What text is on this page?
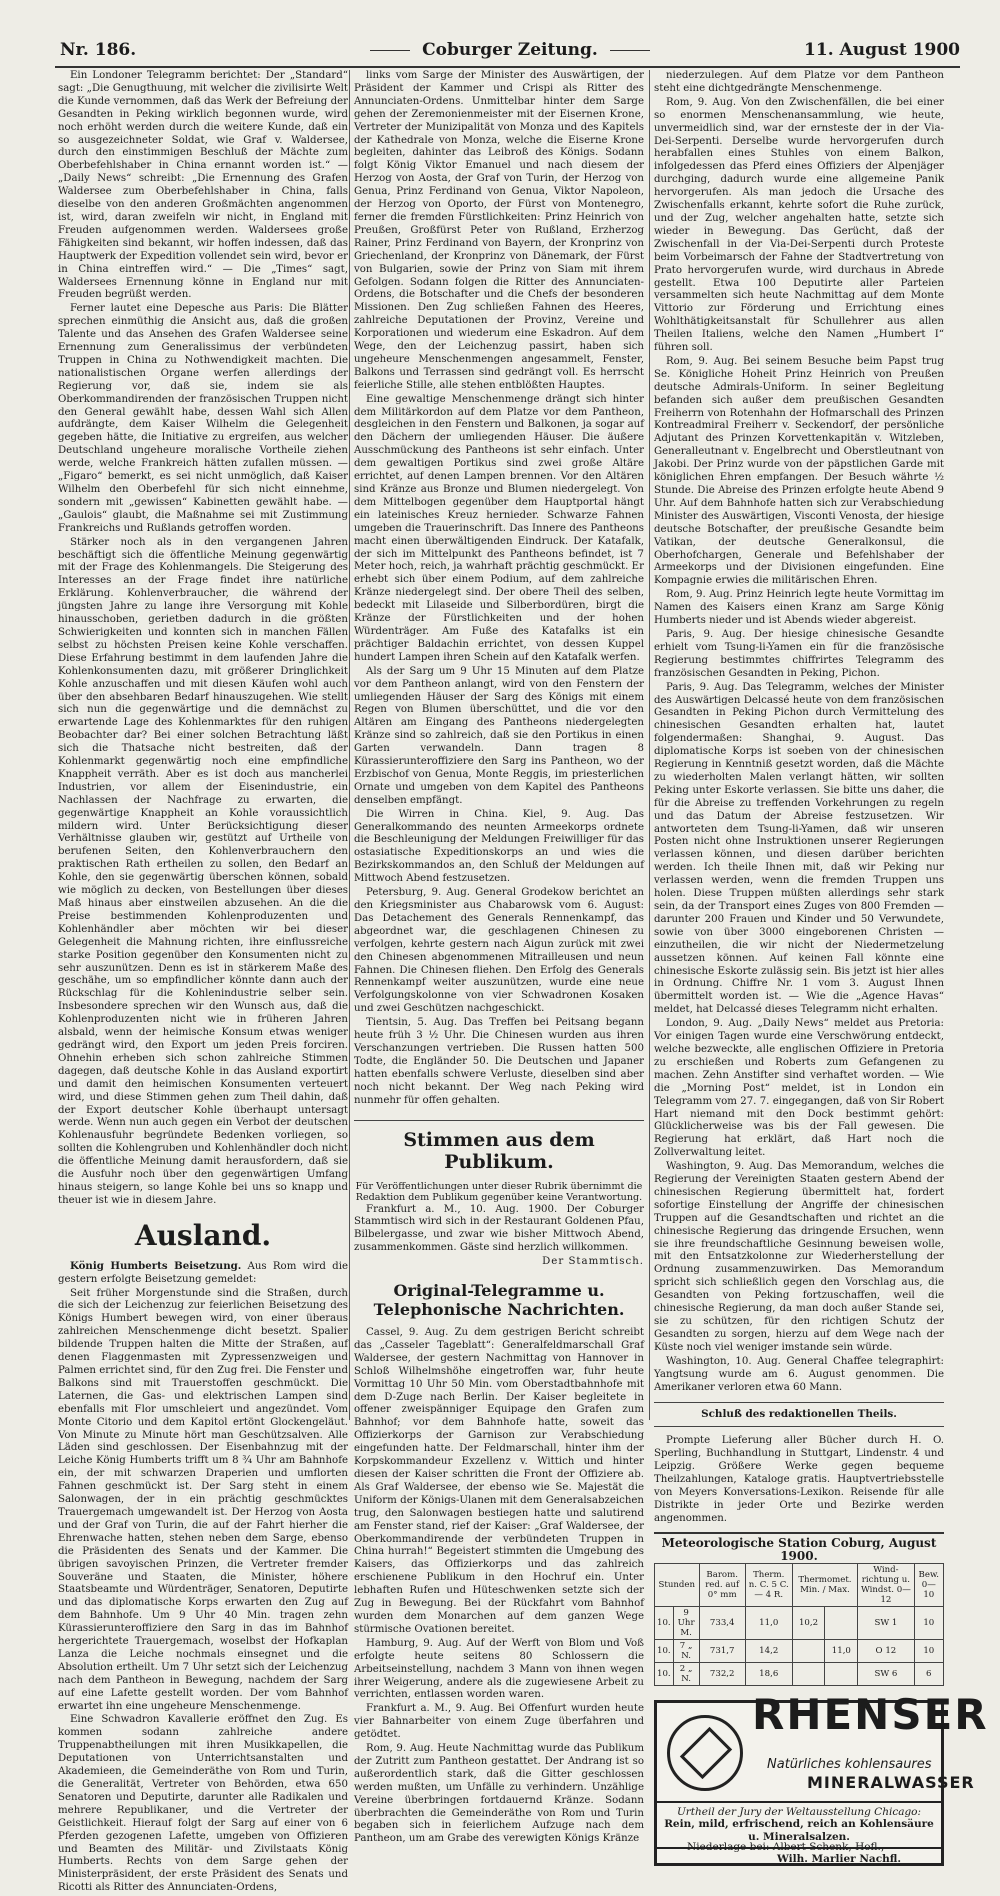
Nr. 186.	Coburger Zeitung.	11. August 1900

Ein Londoner Telegramm berichtet: Der „Standard“ sagt: „Die Genugthuung, mit welcher die zivilisirte Welt die Kunde vernommen, daß das Werk der Befreiung der Gesandten in Peking wirklich begonnen wurde, wird noch erhöht werden durch die weitere Kunde, daß ein so ausgezeichneter Soldat, wie Graf v. Waldersee, durch den einstimmigen Beschluß der Mächte zum Oberbefehlshaber in China ernannt worden ist.“ — „Daily News“ schreibt: „Die Ernennung des Grafen Waldersee zum Oberbefehlshaber in China, falls dieselbe von den anderen Großmächten angenommen ist, wird, daran zweifeln wir nicht, in England mit Freuden aufgenommen werden. Waldersees große Fähigkeiten sind bekannt, wir hoffen indessen, daß das Hauptwerk der Expedition vollendet sein wird, bevor er in China eintreffen wird.“ — Die „Times“ sagt, Waldersees Ernennung könne in England nur mit Freuden begrüßt werden.

Ferner lautet eine Depesche aus Paris: Die Blätter sprechen einmüthig die Ansicht aus, daß die großen Talente und das Ansehen des Grafen Waldersee seine Ernennung zum Generalissimus der verbündeten Truppen in China zu Nothwendigkeit machten. Die nationalistischen Organe werfen allerdings der Regierung vor, daß sie, indem sie als Oberkommandirenden der französischen Truppen nicht den General gewählt habe, dessen Wahl sich Allen aufdrängte, dem Kaiser Wilhelm die Gelegenheit gegeben hätte, die Initiative zu ergreifen, aus welcher Deutschland ungeheure moralische Vortheile ziehen werde, welche Frankreich hätten zufallen müssen. — „Figaro“ bemerkt, es sei nicht unmöglich, daß Kaiser Wilhelm den Oberbefehl für sich nicht einnehme, sondern mit „gewissen“ Kabinetten gewählt habe. — „Gaulois“ glaubt, die Maßnahme sei mit Zustimmung Frankreichs und Rußlands getroffen worden.

Stärker noch als in den vergangenen Jahren beschäftigt sich die öffentliche Meinung gegenwärtig mit der Frage des Kohlenmangels. Die Steigerung des Interesses an der Frage findet ihre natürliche Erklärung. Kohlenverbraucher, die während der jüngsten Jahre zu lange ihre Versorgung mit Kohle hinausschoben, gerietben dadurch in die größten Schwierigkeiten und konnten sich in manchen Fällen selbst zu höchsten Preisen keine Kohle verschaffen. Diese Erfahrung bestimmt in dem laufenden Jahre die Kohlenkonsumenten dazu, mit größerer Dringlichkeit Kohle anzuschaffen und mit diesen Käufen wohl auch über den absehbaren Bedarf hinauszugehen. Wie stellt sich nun die gegenwärtige und die demnächst zu erwartende Lage des Kohlenmarktes für den ruhigen Beobachter dar? Bei einer solchen Betrachtung läßt sich die Thatsache nicht bestreiten, daß der Kohlenmarkt gegenwärtig noch eine empfindliche Knappheit verräth. Aber es ist doch aus mancherlei Industrien, vor allem der Eisenindustrie, ein Nachlassen der Nachfrage zu erwarten, die gegenwärtige Knappheit an Kohle voraussichtlich mildern wird. Unter Berücksichtigung dieser Verhältnisse glauben wir, gestützt auf Urtheile von berufenen Seiten, den Kohlenverbrauchern den praktischen Rath ertheilen zu sollen, den Bedarf an Kohle, den sie gegenwärtig überschen können, sobald wie möglich zu decken, von Bestellungen über dieses Maß hinaus aber einstweilen abzusehen. An die die Preise bestimmenden Kohlenproduzenten und Kohlenhändler aber möchten wir bei dieser Gelegenheit die Mahnung richten, ihre einflussreiche starke Position gegenüber den Konsumenten nicht zu sehr auszunützen. Denn es ist in stärkerem Maße des geschähe, um so empfindlicher könnte dann auch der Rückschlag für die Kohlenindustrie selber sein. Insbesondere sprechen wir den Wunsch aus, daß die Kohlenproduzenten nicht wie in früheren Jahren alsbald, wenn der heimische Konsum etwas weniger gedrängt wird, den Export um jeden Preis forciren. Ohnehin erheben sich schon zahlreiche Stimmen dagegen, daß deutsche Kohle in das Ausland exportirt und damit den heimischen Konsumenten verteuert wird, und diese Stimmen gehen zum Theil dahin, daß der Export deutscher Kohle überhaupt untersagt werde. Wenn nun auch gegen ein Verbot der deutschen Kohlenausfuhr begründete Bedenken vorliegen, so sollten die Kohlengruben und Kohlenhändler doch nicht die öffentliche Meinung damit herausfordern, daß sie die Ausfuhr noch über den gegenwärtigen Umfang hinaus steigern, so lange Kohle bei uns so knapp und theuer ist wie in diesem Jahre.

Ausland.

König Humberts Beisetzung. Aus Rom wird die gestern erfolgte Beisetzung gemeldet:

Seit früher Morgenstunde sind die Straßen, durch die sich der Leichenzug zur feierlichen Beisetzung des Königs Humbert bewegen wird, von einer überaus zahlreichen Menschenmenge dicht besetzt. Spalier bildende Truppen halten die Mitte der Straßen, auf denen Flaggenmasten mit Zypressenzweigen und Palmen errichtet sind, für den Zug frei. Die Fenster und Balkons sind mit Trauerstoffen geschmückt. Die Laternen, die Gas- und elektrischen Lampen sind ebenfalls mit Flor umschleiert und angezündet. Vom Monte Citorio und dem Kapitol ertönt Glockengeläut. Von Minute zu Minute hört man Geschützsalven. Alle Läden sind geschlossen. Der Eisenbahnzug mit der Leiche König Humberts trifft um 8 ¾ Uhr am Bahnhofe ein, der mit schwarzen Draperien und umflorten Fahnen geschmückt ist. Der Sarg steht in einem Salonwagen, der in ein prächtig geschmücktes Trauergemach umgewandelt ist. Der Herzog von Aosta und der Graf von Turin, die auf der Fahrt hierher die Ehrenwache hatten, stehen neben dem Sarge, ebenso die Präsidenten des Senats und der Kammer. Die übrigen savoyischen Prinzen, die Vertreter fremder Souveräne und Staaten, die Minister, höhere Staatsbeamte und Würdenträger, Senatoren, Deputirte und das diplomatische Korps erwarten den Zug auf dem Bahnhofe. Um 9 Uhr 40 Min. tragen zehn Kürassierunteroffiziere den Sarg in das im Bahnhof hergerichtete Trauergemach, woselbst der Hofkaplan Lanza die Leiche nochmals einsegnet und die Absolution ertheilt. Um 7 Uhr setzt sich der Leichenzug nach dem Pantheon in Bewegung, nachdem der Sarg auf eine Lafette gestellt worden. Der vom Bahnhof erwartet ihn eine ungeheure Menschenmenge.

Eine Schwadron Kavallerie eröffnet den Zug. Es kommen sodann zahlreiche andere Truppenabtheilungen mit ihren Musikkapellen, die Deputationen von Unterrichtsanstalten und Akademieen, die Gemeinderäthe von Rom und Turin, die Generalität, Vertreter von Behörden, etwa 650 Senatoren und Deputirte, darunter alle Radikalen und mehrere Republikaner, und die Vertreter der Geistlichkeit. Hierauf folgt der Sarg auf einer von 6 Pferden gezogenen Lafette, umgeben von Offizieren und Beamten des Militär- und Zivilstaats König Humberts. Rechts von dem Sarge gehen der Ministerpräsident, der erste Präsident des Senats und Ricotti als Ritter des Annunciaten-Ordens,

links vom Sarge der Minister des Auswärtigen, der Präsident der Kammer und Crispi als Ritter des Annunciaten-Ordens. Unmittelbar hinter dem Sarge gehen der Zeremonienmeister mit der Eisernen Krone, Vertreter der Munizipalität von Monza und des Kapitels der Kathedrale von Monza, welche die Eiserne Krone begleiten, dahinter das Leibroß des Königs. Sodann folgt König Viktor Emanuel und nach diesem der Herzog von Aosta, der Graf von Turin, der Herzog von Genua, Prinz Ferdinand von Genua, Viktor Napoleon, der Herzog von Oporto, der Fürst von Montenegro, ferner die fremden Fürstlichkeiten: Prinz Heinrich von Preußen, Großfürst Peter von Rußland, Erzherzog Rainer, Prinz Ferdinand von Bayern, der Kronprinz von Griechenland, der Kronprinz von Dänemark, der Fürst von Bulgarien, sowie der Prinz von Siam mit ihrem Gefolgen. Sodann folgen die Ritter des Annunciaten-Ordens, die Botschafter und die Chefs der besonderen Missionen. Den Zug schließen Fahnen des Heeres, zahlreiche Deputationen der Provinz, Vereine und Korporationen und wiederum eine Eskadron. Auf dem Wege, den der Leichenzug passirt, haben sich ungeheure Menschenmengen angesammelt, Fenster, Balkons und Terrassen sind gedrängt voll. Es herrscht feierliche Stille, alle stehen entblößten Hauptes.

Eine gewaltige Menschenmenge drängt sich hinter dem Militärkordon auf dem Platze vor dem Pantheon, desgleichen in den Fenstern und Balkonen, ja sogar auf den Dächern der umliegenden Häuser. Die äußere Ausschmückung des Pantheons ist sehr einfach. Unter dem gewaltigen Portikus sind zwei große Altäre errichtet, auf denen Lampen brennen. Vor den Altären sind Kränze aus Bronze und Blumen niedergelegt. Von dem Mittelbogen gegenüber dem Hauptportal hängt ein lateinisches Kreuz hernieder. Schwarze Fahnen umgeben die Trauerinschrift. Das Innere des Pantheons macht einen überwältigenden Eindruck. Der Katafalk, der sich im Mittelpunkt des Pantheons befindet, ist 7 Meter hoch, reich, ja wahrhaft prächtig geschmückt. Er erhebt sich über einem Podium, auf dem zahlreiche Kränze niedergelegt sind. Der obere Theil des selben, bedeckt mit Lilaseide und Silberbordüren, birgt die Kränze der Fürstlichkeiten und der hohen Würdenträger. Am Fuße des Katafalks ist ein prächtiger Baldachin errichtet, von dessen Kuppel hundert Lampen ihren Schein auf den Katafalk werfen.

Als der Sarg um 9 Uhr 15 Minuten auf dem Platze vor dem Pantheon anlangt, wird von den Fenstern der umliegenden Häuser der Sarg des Königs mit einem Regen von Blumen überschüttet, und die vor den Altären am Eingang des Pantheons niedergelegten Kränze sind so zahlreich, daß sie den Portikus in einen Garten verwandeln. Dann tragen 8 Kürassierunteroffiziere den Sarg ins Pantheon, wo der Erzbischof von Genua, Monte Reggis, im priesterlichen Ornate und umgeben von dem Kapitel des Pantheons denselben empfängt.

Die Wirren in China. Kiel, 9. Aug. Das Generalkommando des neunten Armeekorps ordnete die Beschleunigung der Meldungen Freiwilliger für das ostasiatische Expeditionskorps an und wies die Bezirkskommandos an, den Schluß der Meldungen auf Mittwoch Abend festzusetzen.

Petersburg, 9. Aug. General Grodekow berichtet an den Kriegsminister aus Chabarowsk vom 6. August: Das Detachement des Generals Rennenkampf, das abgeordnet war, die geschlagenen Chinesen zu verfolgen, kehrte gestern nach Aigun zurück mit zwei den Chinesen abgenommenen Mitrailleusen und neun Fahnen. Die Chinesen fliehen. Den Erfolg des Generals Rennenkampf weiter auszunützen, wurde eine neue Verfolgungskolonne von vier Schwadronen Kosaken und zwei Geschützen nachgeschickt.

Tientsin, 5. Aug. Das Treffen bei Peitsang begann heute früh 3 ½ Uhr. Die Chinesen wurden aus ihren Verschanzungen vertrieben. Die Russen hatten 500 Todte, die Engländer 50. Die Deutschen und Japaner hatten ebenfalls schwere Verluste, dieselben sind aber noch nicht bekannt. Der Weg nach Peking wird nunmehr für offen gehalten.

Stimmen aus dem Publikum.

Für Veröffentlichungen unter dieser Rubrik übernimmt die Redaktion dem Publikum gegenüber keine Verantwortung.

Frankfurt a. M., 10. Aug. 1900. Der Coburger Stammtisch wird sich in der Restaurant Goldenen Pfau, Bilbelergasse, und zwar wie bisher Mittwoch Abend, zusammenkommen. Gäste sind herzlich willkommen.

Der Stammtisch.

Original-Telegramme u. Telephonische Nachrichten.

Cassel, 9. Aug. Zu dem gestrigen Bericht schreibt das „Casseler Tageblatt“: Generalfeldmarschall Graf Waldersee, der gestern Nachmittag von Hannover in Schloß Wilhelmshöhe eingetroffen war, fuhr heute Vormittag 10 Uhr 50 Min. vom Oberstadtbahnhofe mit dem D-Zuge nach Berlin. Der Kaiser begleitete in offener zweispänniger Equipage den Grafen zum Bahnhof; vor dem Bahnhofe hatte, soweit das Offizierkorps der Garnison zur Verabschiedung eingefunden hatte. Der Feldmarschall, hinter ihm der Korpskommandeur Exzellenz v. Wittich und hinter diesen der Kaiser schritten die Front der Offiziere ab. Als Graf Waldersee, der ebenso wie Se. Majestät die Uniform der Königs-Ulanen mit dem Generalsabzeichen trug, den Salonwagen bestiegen hatte und salutirend am Fenster stand, rief der Kaiser: „Graf Waldersee, der Oberkommandirende der verbündeten Truppen in China hurrah!“ Begeistert stimmten die Umgebung des Kaisers, das Offizierkorps und das zahlreich erschienene Publikum in den Hochruf ein. Unter lebhaften Rufen und Hüteschwenken setzte sich der Zug in Bewegung. Bei der Rückfahrt vom Bahnhof wurden dem Monarchen auf dem ganzen Wege stürmische Ovationen bereitet.

Hamburg, 9. Aug. Auf der Werft von Blom und Voß erfolgte heute seitens 80 Schlossern die Arbeitseinstellung, nachdem 3 Mann von ihnen wegen ihrer Weigerung, andere als die zugewiesene Arbeit zu verrichten, entlassen worden waren.

Frankfurt a. M., 9. Aug. Bei Offenfurt wurden heute vier Bahnarbeiter von einem Zuge überfahren und getödtet.

Rom, 9. Aug. Heute Nachmittag wurde das Publikum der Zutritt zum Pantheon gestattet. Der Andrang ist so außerordentlich stark, daß die Gitter geschlossen werden mußten, um Unfälle zu verhindern. Unzählige Vereine überbringen fortdauernd Kränze. Sodann überbrachten die Gemeinderäthe von Rom und Turin begaben sich in feierlichem Aufzuge nach dem Pantheon, um am Grabe des verewigten Königs Kränze

niederzulegen. Auf dem Platze vor dem Pantheon steht eine dichtgedrängte Menschenmenge.

Rom, 9. Aug. Von den Zwischenfällen, die bei einer so enormen Menschenansammlung, wie heute, unvermeidlich sind, war der ernsteste der in der Via-Dei-Serpenti. Derselbe wurde hervorgerufen durch herabfallen eines Stuhles von einem Balkon, infolgedessen das Pferd eines Offiziers der Alpenjäger durchging, dadurch wurde eine allgemeine Panik hervorgerufen. Als man jedoch die Ursache des Zwischenfalls erkannt, kehrte sofort die Ruhe zurück, und der Zug, welcher angehalten hatte, setzte sich wieder in Bewegung. Das Gerücht, daß der Zwischenfall in der Via-Dei-Serpenti durch Proteste beim Vorbeimarsch der Fahne der Stadtvertretung von Prato hervorgerufen wurde, wird durchaus in Abrede gestellt. Etwa 100 Deputirte aller Parteien versammelten sich heute Nachmittag auf dem Monte Vittorio zur Förderung und Errichtung eines Wohlthätigkeitsanstalt für Schullehrer aus allen Theilen Italiens, welche den Namen „Humbert I“ führen soll.

Rom, 9. Aug. Bei seinem Besuche beim Papst trug Se. Königliche Hoheit Prinz Heinrich von Preußen deutsche Admirals-Uniform. In seiner Begleitung befanden sich außer dem preußischen Gesandten Freiherrn von Rotenhahn der Hofmarschall des Prinzen Kontreadmiral Freiherr v. Seckendorf, der persönliche Adjutant des Prinzen Korvettenkapitän v. Witzleben, Generalleutnant v. Engelbrecht und Oberstleutnant von Jakobi. Der Prinz wurde von der päpstlichen Garde mit königlichen Ehren empfangen. Der Besuch währte ½ Stunde. Die Abreise des Prinzen erfolgte heute Abend 9 Uhr. Auf dem Bahnhofe hatten sich zur Verabschiedung Minister des Auswärtigen, Visconti Venosta, der hiesige deutsche Botschafter, der preußische Gesandte beim Vatikan, der deutsche Generalkonsul, die Oberhofchargen, Generale und Befehlshaber der Armeekorps und der Divisionen eingefunden. Eine Kompagnie erwies die militärischen Ehren.

Rom, 9. Aug. Prinz Heinrich legte heute Vormittag im Namen des Kaisers einen Kranz am Sarge König Humberts nieder und ist Abends wieder abgereist.

Paris, 9. Aug. Der hiesige chinesische Gesandte erhielt vom Tsung-li-Yamen ein für die französische Regierung bestimmtes chiffrirtes Telegramm des französischen Gesandten in Peking, Pichon.

Paris, 9. Aug. Das Telegramm, welches der Minister des Auswärtigen Delcassé heute von dem französischen Gesandten in Peking Pichon durch Vermittelung des chinesischen Gesandten erhalten hat, lautet folgendermaßen: Shanghai, 9. August. Das diplomatische Korps ist soeben von der chinesischen Regierung in Kenntniß gesetzt worden, daß die Mächte zu wiederholten Malen verlangt hätten, wir sollten Peking unter Eskorte verlassen. Sie bitte uns daher, die für die Abreise zu treffenden Vorkehrungen zu regeln und das Datum der Abreise festzusetzen. Wir antworteten dem Tsung-li-Yamen, daß wir unseren Posten nicht ohne Instruktionen unserer Regierungen verlassen können, und diesen darüber berichten werden. Ich theile Ihnen mit, daß wir Peking nur verlassen werden, wenn die fremden Truppen uns holen. Diese Truppen müßten allerdings sehr stark sein, da der Transport eines Zuges von 800 Fremden — darunter 200 Frauen und Kinder und 50 Verwundete, sowie von über 3000 eingeborenen Christen — einzutheilen, die wir nicht der Niedermetzelung aussetzen können. Auf keinen Fall könnte eine chinesische Eskorte zulässig sein. Bis jetzt ist hier alles in Ordnung. Chiffre Nr. 1 vom 3. August Ihnen übermittelt worden ist. — Wie die „Agence Havas“ meldet, hat Delcassé dieses Telegramm nicht erhalten.

London, 9. Aug. „Daily News“ meldet aus Pretoria: Vor einigen Tagen wurde eine Verschwörung entdeckt, welche bezweckte, alle englischen Offiziere in Pretoria zu erschießen und Roberts zum Gefangenen zu machen. Zehn Anstifter sind verhaftet worden. — Wie die „Morning Post“ meldet, ist in London ein Telegramm vom 27. 7. eingegangen, daß von Sir Robert Hart niemand mit den Dock bestimmt gehört: Glücklicherweise was bis der Fall gewesen. Die Regierung hat erklärt, daß Hart noch die Zollverwaltung leitet.

Washington, 9. Aug. Das Memorandum, welches die Regierung der Vereinigten Staaten gestern Abend der chinesischen Regierung übermittelt hat, fordert sofortige Einstellung der Angriffe der chinesischen Truppen auf die Gesandtschaften und richtet an die chinesische Regierung das dringende Ersuchen, wenn sie ihre freundschaftliche Gesinnung beweisen wolle, mit den Entsatzkolonne zur Wiederherstellung der Ordnung zusammenzuwirken. Das Memorandum spricht sich schließlich gegen den Vorschlag aus, die Gesandten von Peking fortzuschaffen, weil die chinesische Regierung, da man doch außer Stande sei, sie zu schützen, für den richtigen Schutz der Gesandten zu sorgen, hierzu auf dem Wege nach der Küste noch viel weniger imstande sein würde.

Washington, 10. Aug. General Chaffee telegraphirt: Yangtsung wurde am 6. August genommen. Die Amerikaner verloren etwa 60 Mann.

Schluß des redaktionellen Theils.

Prompte Lieferung aller Bücher durch H. O. Sperling, Buchhandlung in Stuttgart, Lindenstr. 4 und Leipzig. Größere Werke gegen bequeme Theilzahlungen, Kataloge gratis. Hauptvertriebsstelle von Meyers Konversations-Lexikon. Reisende für alle Distrikte in jeder Orte und Bezirke werden angenommen.

Meteorologische Station Coburg, August 1900.
Stunden		Barom. red. auf 0° mm	Therm. n. C. 5 C. — 4 R.	Thermomet. Min. / Max.		Wind-richtung u. Windst. 0—12	Bew. 0—10
10.	9 Uhr M.	733,4	11,0	10,2		SW 1	10
10.	7 „ N.	731,7	14,2		11,0	O 12	10
10.	2 „ N.	732,2	18,6			SW 6	6
RHENSER
Natürliches kohlensaures
MINERALWASSER
Urtheil der Jury der Weltausstellung Chicago:
Rein, mild, erfrischend, reich an Kohlensäure u. Mineralsalzen.
Niederlage bei: Albert Schenk, Hofl.,
Wilh. Marlier Nachfl.
